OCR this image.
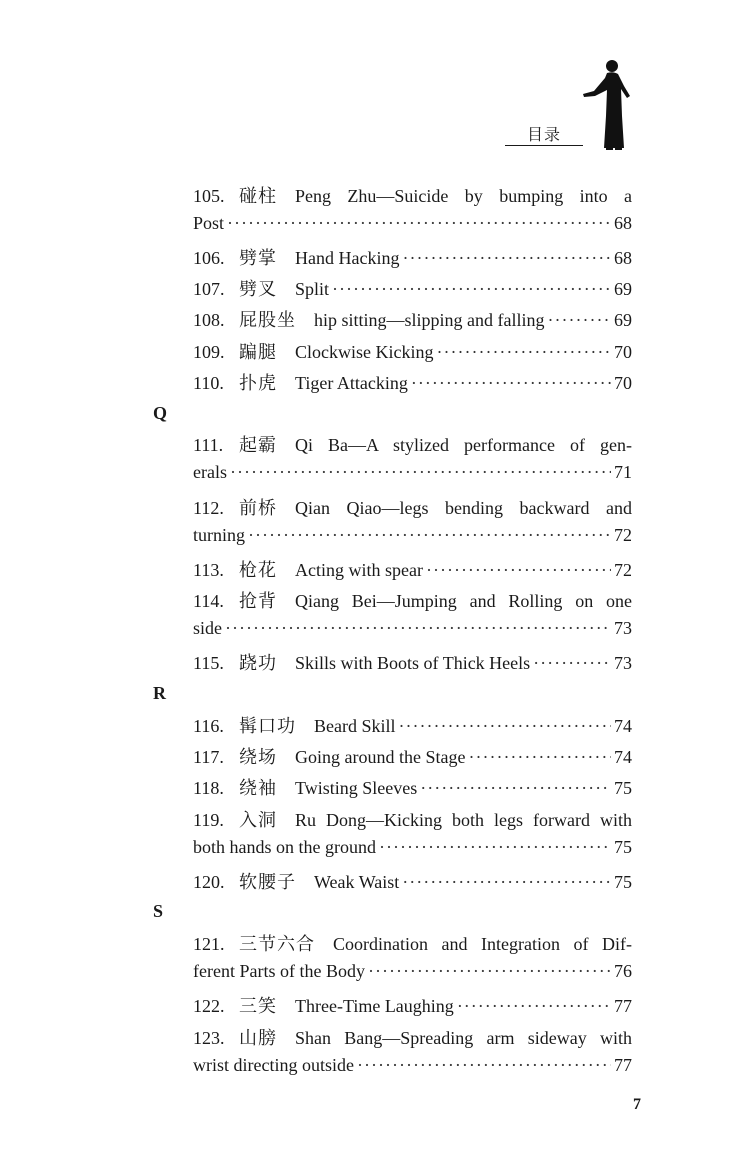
目录
105. 碰柱 Peng Zhu—Suicide by bumping into a
Post ·····	68
106. 劈掌 Hand Hacking ·····	68
107. 劈叉 Split ·····	69
108. 屁股坐 hip sitting—slipping and falling ·····	69
109. 蹁腿 Clockwise Kicking ·····	70
110. 扑虎 Tiger Attacking ·····	70
Q
111. 起霸 Qi Ba—A stylized performance of gen-
erals ·····	71
112. 前桥 Qian Qiao—legs bending backward and
turning ·····	72
113. 枪花 Acting with spear ·····	72
114. 抢背 Qiang Bei—Jumping and Rolling on one
side ·····	73
115. 跷功 Skills with Boots of Thick Heels ·····	73
R
116. 髯口功 Beard Skill ·····	74
117. 绕场 Going around the Stage ·····	74
118. 绕袖 Twisting Sleeves ·····	75
119. 入洞 Ru Dong—Kicking both legs forward with
both hands on the ground ·····	75
120. 软腰子 Weak Waist ·····	75
S
121. 三节六合 Coordination and Integration of Dif-
ferent Parts of the Body ·····	76
122. 三笑 Three-Time Laughing ·····	77
123. 山膀 Shan Bang—Spreading arm sideway with
wrist directing outside ·····	77
7
